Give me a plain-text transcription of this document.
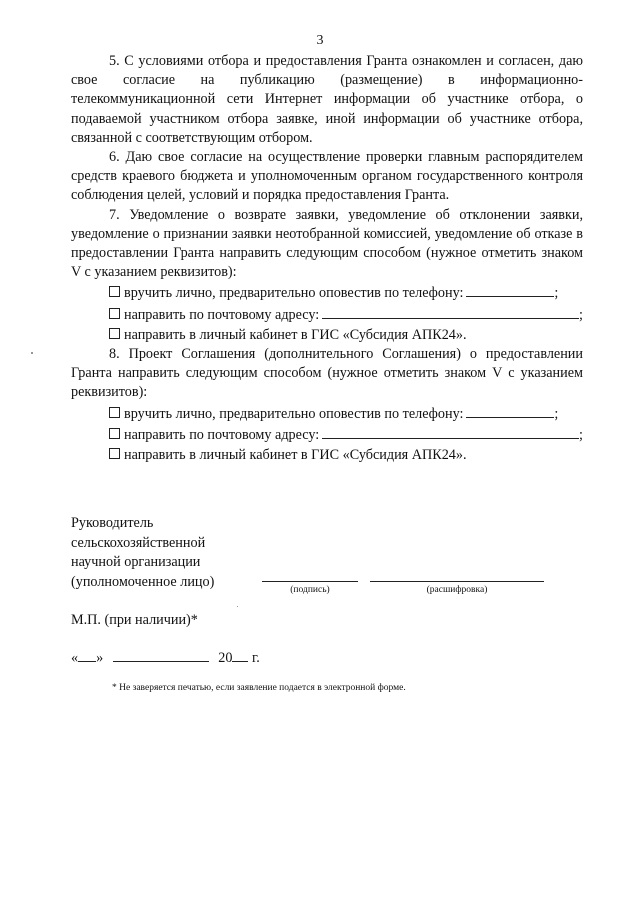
3

5. С условиями отбора и предоставления Гранта ознакомлен и согласен, даю свое согласие на публикацию (размещение) в информационно-телекоммуникационной сети Интернет информации об участнике отбора, о подаваемой участником отбора заявке, иной информации об участнике отбора, связанной с соответствующим отбором.

6. Даю свое согласие на осуществление проверки главным распорядителем средств краевого бюджета и уполномоченным органом государственного контроля соблюдения целей, условий и порядка предоставления Гранта.

7. Уведомление о возврате заявки, уведомление об отклонении заявки, уведомление о признании заявки неотобранной комиссией, уведомление об отказе в предоставлении Гранта направить следующим способом (нужное отметить знаком V с указанием реквизитов):

вручить лично, предварительно оповестив по телефону:	;
направить по почтовому адресу:	;
направить в личный кабинет в ГИС «Субсидия АПК24».

8. Проект Соглашения (дополнительного Соглашения) о предоставлении Гранта направить следующим способом (нужное отметить знаком V с указанием реквизитов):

вручить лично, предварительно оповестив по телефону:	;
направить по почтовому адресу:	;
направить в личный кабинет в ГИС «Субсидия АПК24».
Руководитель
сельскохозяйственной
научной организации
(уполномоченное лицо)
(подпись)	(расшифровка)
М.П. (при наличии)*
« »	20 г.
* Не заверяется печатью, если заявление подается в электронной форме.
